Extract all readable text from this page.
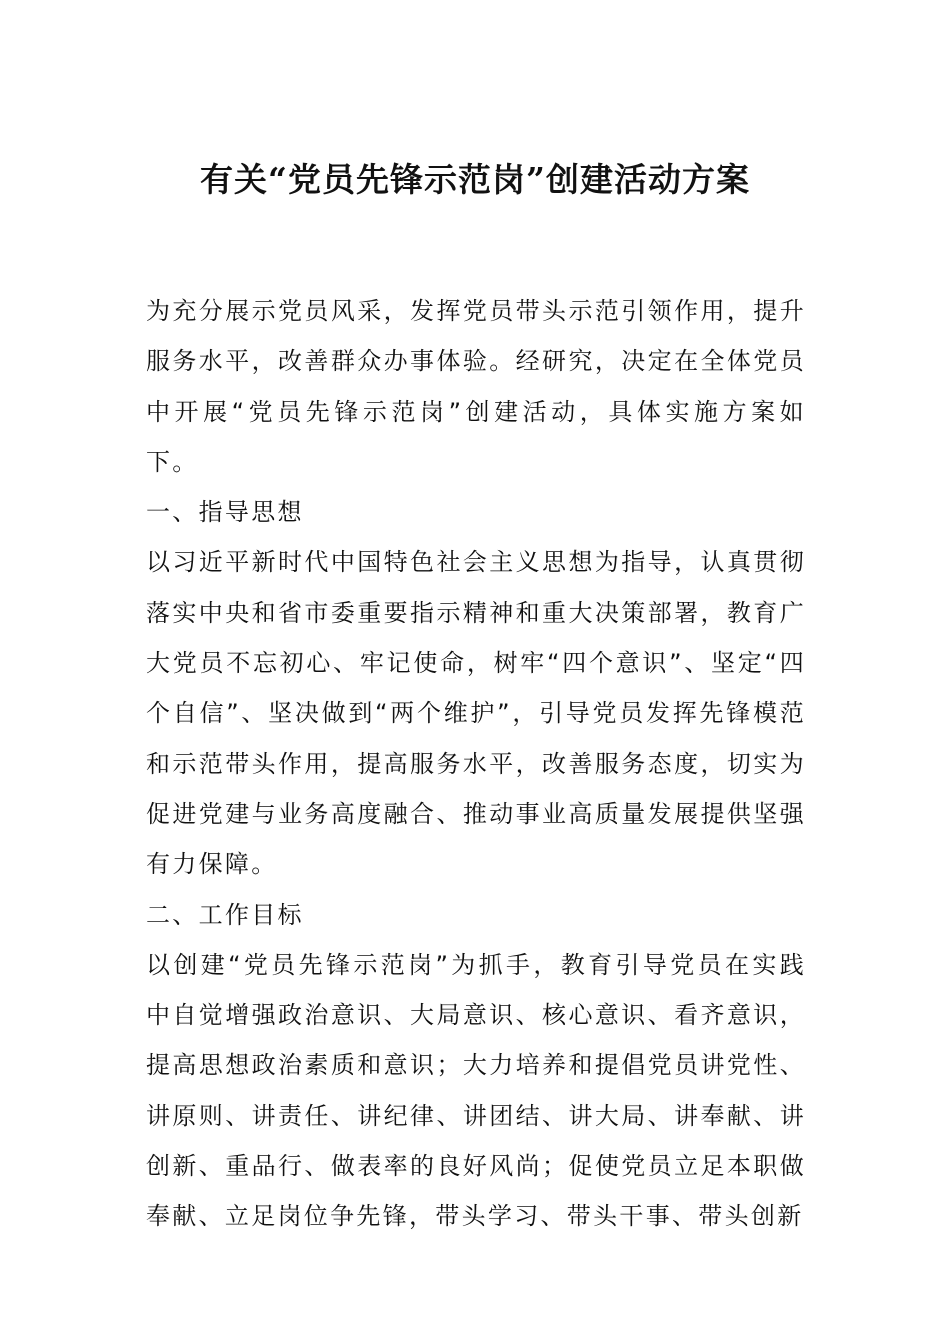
有关“党员先锋示范岗”创建活动方案

为充分展示党员风采，发挥党员带头示范引领作用，提升服务水平，改善群众办事体验。经研究，决定在全体党员中开展“党员先锋示范岗”创建活动，具体实施方案如下。

一、指导思想

以习近平新时代中国特色社会主义思想为指导，认真贯彻落实中央和省市委重要指示精神和重大决策部署，教育广大党员不忘初心、牢记使命，树牢“四个意识”、坚定“四个自信”、坚决做到“两个维护”，引导党员发挥先锋模范和示范带头作用，提高服务水平，改善服务态度，切实为促进党建与业务高度融合、推动事业高质量发展提供坚强有力保障。

二、工作目标

以创建“党员先锋示范岗”为抓手，教育引导党员在实践中自觉增强政治意识、大局意识、核心意识、看齐意识，提高思想政治素质和意识；大力培养和提倡党员讲党性、讲原则、讲责任、讲纪律、讲团结、讲大局、讲奉献、讲创新、重品行、做表率的良好风尚；促使党员立足本职做奉献、立足岗位争先锋，带头学习、带头干事、带头创新
